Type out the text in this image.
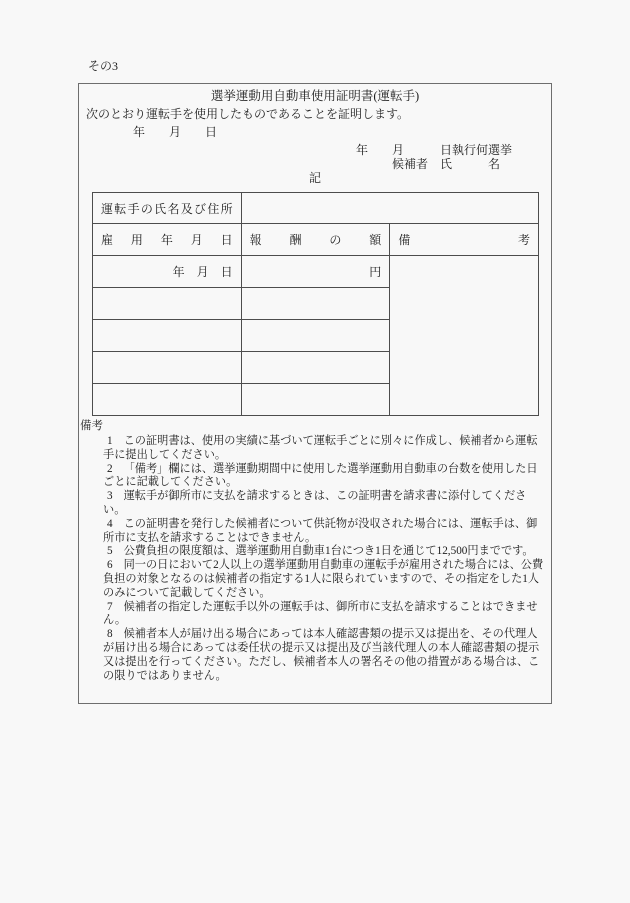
その3
選挙運動用自動車使用証明書(運転手)
次のとおり運転手を使用したものであることを証明します。
年　　月　　日
年　　月　　　日執行何選挙
候補者　氏　　　名
記
運転手の氏名及び住所		
雇　用　年　月　日	報　酬　の　額	備　考
年　月　日	円	

備考
1 この証明書は、使用の実績に基づいて運転手ごとに別々に作成し、候補者から運転手に提出してください。
2 「備考」欄には、選挙運動期間中に使用した選挙運動用自動車の台数を使用した日ごとに記載してください。
3 運転手が御所市に支払を請求するときは、この証明書を請求書に添付してください。
4 この証明書を発行した候補者について供託物が没収された場合には、運転手は、御所市に支払を請求することはできません。
5 公費負担の限度額は、選挙運動用自動車1台につき1日を通じて12,500円までです。
6 同一の日において2人以上の選挙運動用自動車の運転手が雇用された場合には、公費負担の対象となるのは候補者の指定する1人に限られていますので、その指定をした1人のみについて記載してください。
7 候補者の指定した運転手以外の運転手は、御所市に支払を請求することはできません。
8 候補者本人が届け出る場合にあっては本人確認書類の提示又は提出を、その代理人が届け出る場合にあっては委任状の提示又は提出及び当該代理人の本人確認書類の提示又は提出を行ってください。ただし、候補者本人の署名その他の措置がある場合は、この限りではありません。
